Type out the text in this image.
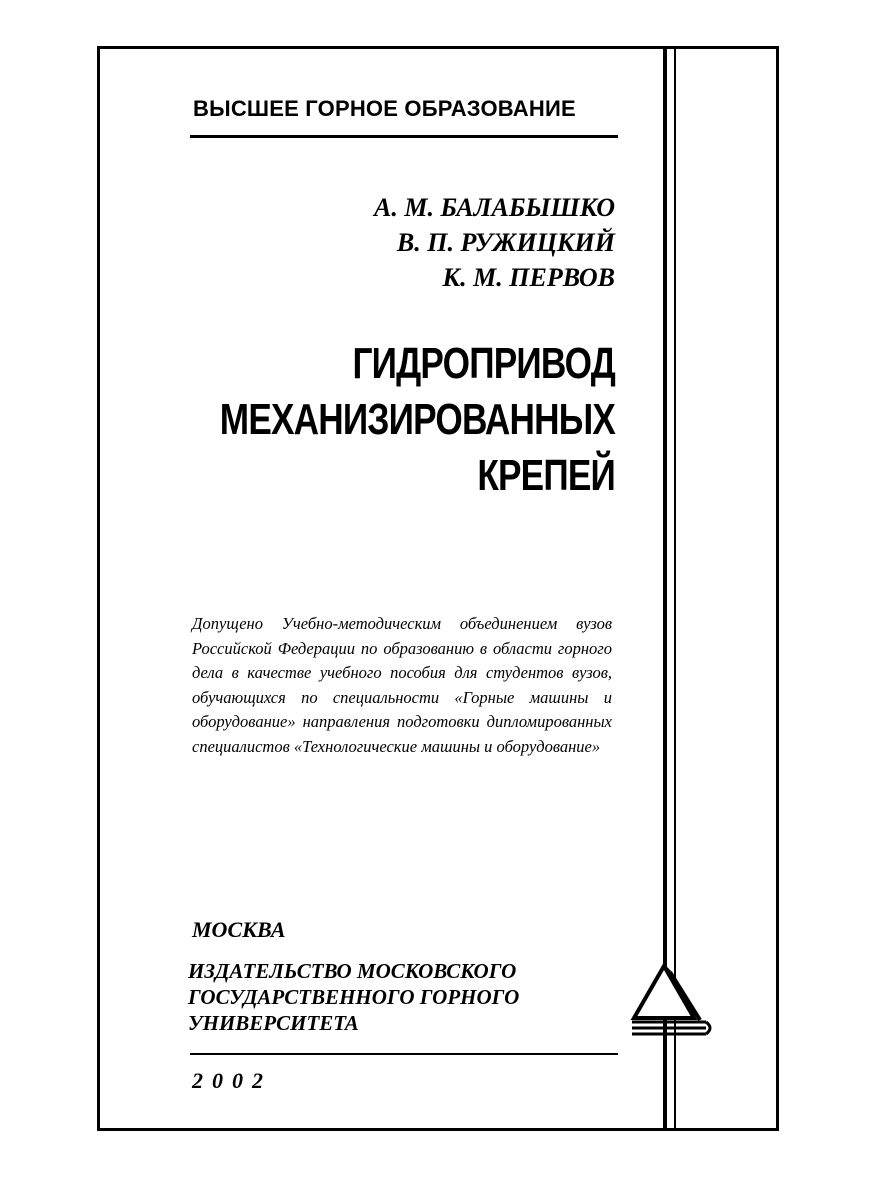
ВЫСШЕЕ ГОРНОЕ ОБРАЗОВАНИЕ
А. М. БАЛАБЫШКО
В. П. РУЖИЦКИЙ
К. М. ПЕРВОВ
ГИДРОПРИВОД
МЕХАНИЗИРОВАННЫХ
КРЕПЕЙ
Допущено Учебно-методическим объединением вузов Российской Федерации по образованию в области горного дела в качестве учебного пособия для студентов вузов, обучающихся по специальности «Горные машины и оборудование» направления подготовки дипломированных специалистов «Технологические машины и оборудование»
МОСКВА
ИЗДАТЕЛЬСТВО МОСКОВСКОГО
ГОСУДАРСТВЕННОГО ГОРНОГО
УНИВЕРСИТЕТА
2002
